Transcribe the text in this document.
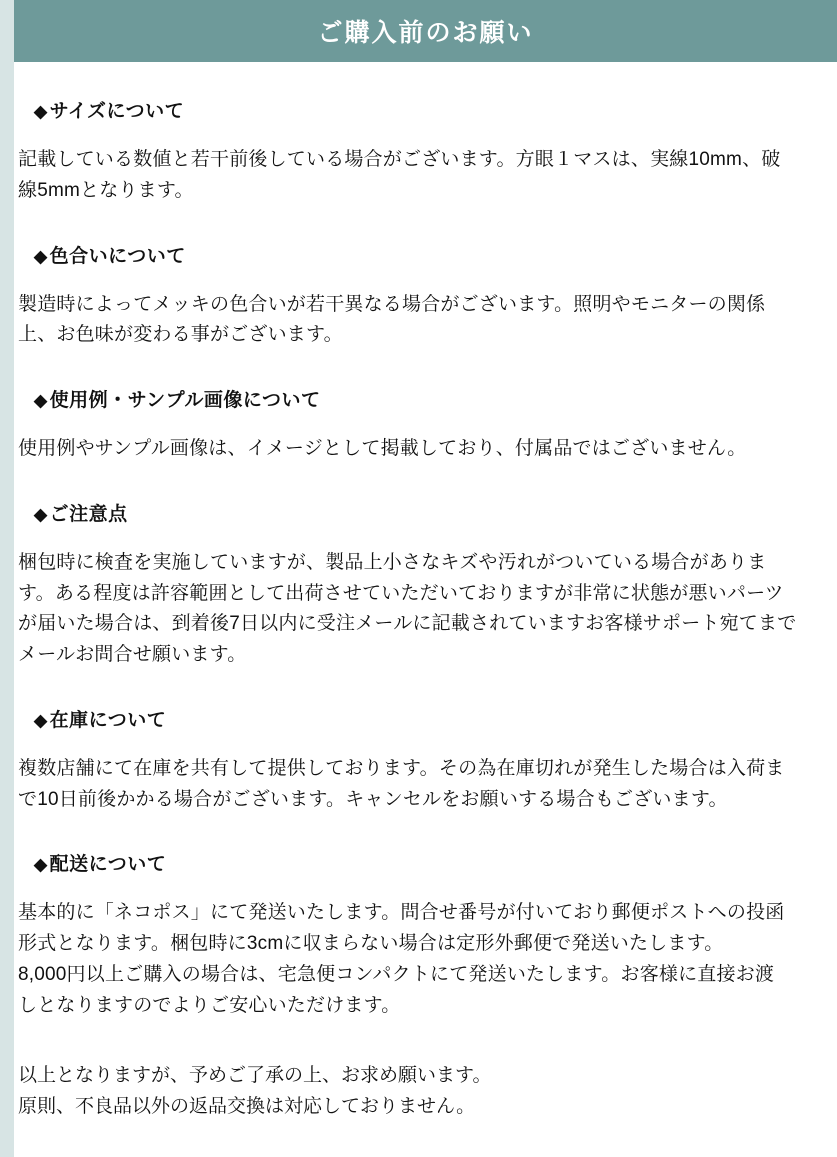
ご購入前のお願い
◆ サイズについて
記載している数値と若干前後している場合がございます。方眼１マスは、実線10mm、破
線5mmとなります。
◆ 色合いについて
製造時によってメッキの色合いが若干異なる場合がございます。照明やモニターの関係
上、お色味が変わる事がございます。
◆ 使用例・サンプル画像について
使用例やサンプル画像は、イメージとして掲載しており、付属品ではございません。
◆ ご注意点
梱包時に検査を実施していますが、製品上小さなキズや汚れがついている場合がありま
す。ある程度は許容範囲として出荷させていただいておりますが非常に状態が悪いパーツ
が届いた場合は、到着後7日以内に受注メールに記載されていますお客様サポート宛てまで
メールお問合せ願います。
◆ 在庫について
複数店舗にて在庫を共有して提供しております。その為在庫切れが発生した場合は入荷ま
で10日前後かかる場合がございます。キャンセルをお願いする場合もございます。
◆ 配送について
基本的に「ネコポス」にて発送いたします。問合せ番号が付いており郵便ポストへの投函
形式となります。梱包時に3cmに収まらない場合は定形外郵便で発送いたします。
8,000円以上ご購入の場合は、宅急便コンパクトにて発送いたします。お客様に直接お渡
しとなりますのでよりご安心いただけます。
以上となりますが、予めご了承の上、お求め願います。
原則、不良品以外の返品交換は対応しておりません。
